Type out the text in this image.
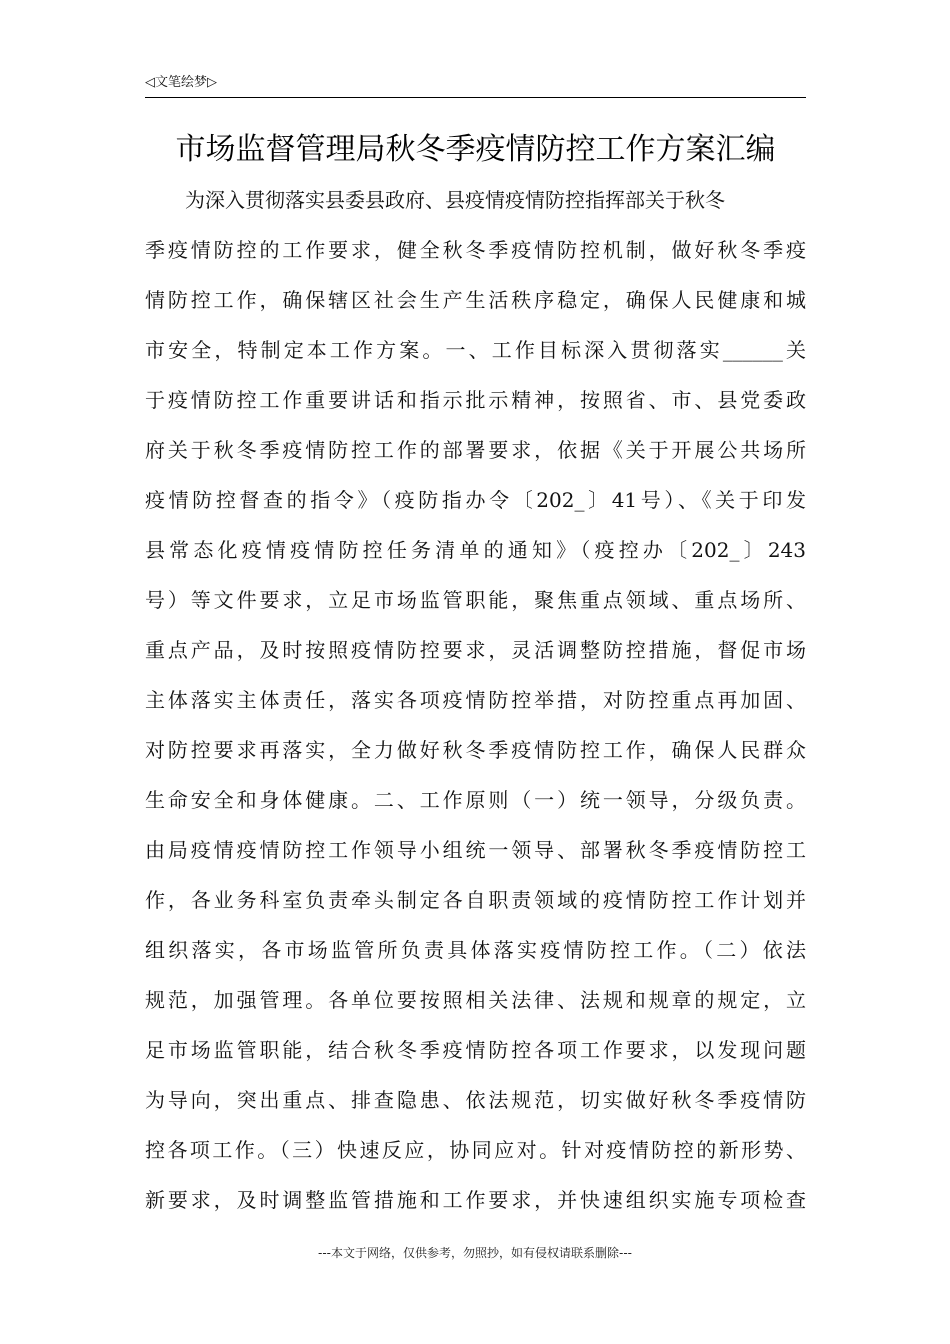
◁文笔绘梦▷
市场监督管理局秋冬季疫情防控工作方案汇编
为深入贯彻落实县委县政府、县疫情疫情防控指挥部关于秋冬
季疫情防控的工作要求，健全秋冬季疫情防控机制，做好秋冬季疫
情防控工作，确保辖区社会生产生活秩序稳定，确保人民健康和城
市安全，特制定本工作方案。一、工作目标深入贯彻落实______关
于疫情防控工作重要讲话和指示批示精神，按照省、市、县党委政
府关于秋冬季疫情防控工作的部署要求，依据《关于开展公共场所
疫情防控督查的指令》（疫防指办令〔202_〕41号）、《关于印发
县常态化疫情疫情防控任务清单的通知》（疫控办〔202_〕243
号）等文件要求，立足市场监管职能，聚焦重点领域、重点场所、
重点产品，及时按照疫情防控要求，灵活调整防控措施，督促市场
主体落实主体责任，落实各项疫情防控举措，对防控重点再加固、
对防控要求再落实，全力做好秋冬季疫情防控工作，确保人民群众
生命安全和身体健康。二、工作原则（一）统一领导，分级负责。
由局疫情疫情防控工作领导小组统一领导、部署秋冬季疫情防控工
作，各业务科室负责牵头制定各自职责领域的疫情防控工作计划并
组织落实，各市场监管所负责具体落实疫情防控工作。（二）依法
规范，加强管理。各单位要按照相关法律、法规和规章的规定，立
足市场监管职能，结合秋冬季疫情防控各项工作要求，以发现问题
为导向，突出重点、排查隐患、依法规范，切实做好秋冬季疫情防
控各项工作。（三）快速反应，协同应对。针对疫情防控的新形势、
新要求，及时调整监管措施和工作要求，并快速组织实施专项检查
---本文于网络，仅供参考，勿照抄，如有侵权请联系删除---
